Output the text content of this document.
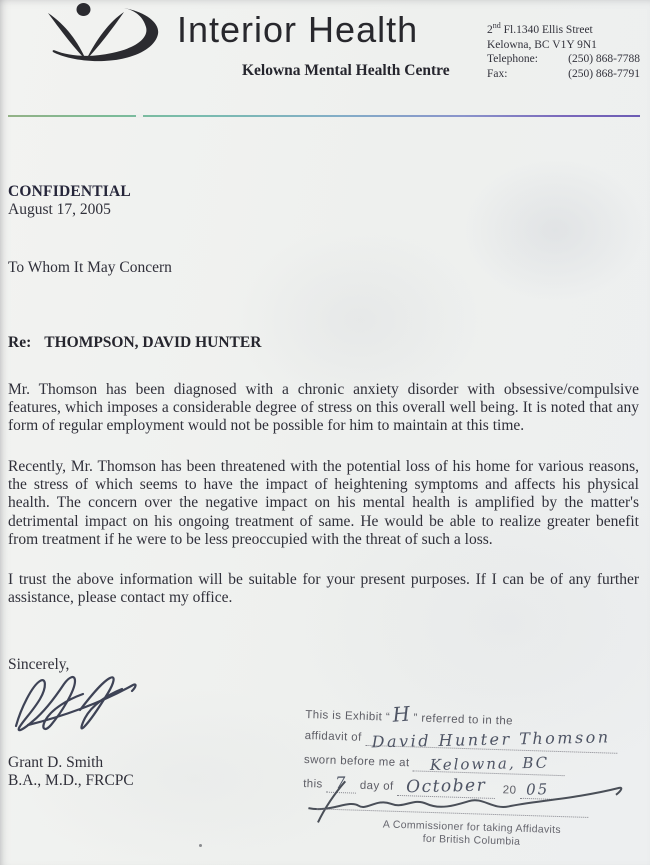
Interior Health
Kelowna Mental Health Centre
2nd Fl.1340 Ellis Street
Kelowna, BC V1Y 9N1
Telephone:	(250) 868-7788
Fax:	(250) 868-7791
CONFIDENTIAL
August 17, 2005
To Whom It May Concern
Re: THOMPSON, DAVID HUNTER

Mr. Thomson has been diagnosed with a chronic anxiety disorder with obsessive/compulsive features, which imposes a considerable degree of stress on this overall well being. It is noted that any form of regular employment would not be possible for him to maintain at this time.

Recently, Mr. Thomson has been threatened with the potential loss of his home for various reasons, the stress of which seems to have the impact of heightening symptoms and affects his physical health. The concern over the negative impact on his mental health is amplified by the matter's detrimental impact on his ongoing treatment of same. He would be able to realize greater benefit from treatment if he were to be less preoccupied with the threat of such a loss.

I trust the above information will be suitable for your present purposes. If I can be of any further assistance, please contact my office.

Sincerely,
Grant D. Smith
B.A., M.D., FRCPC
This is Exhibit “H” referred to in the
affidavit of David Hunter Thomson
sworn before me at Kelowna, BC
this 7 day of October 20 05
A Commissioner for taking Affidavits
for British Columbia
